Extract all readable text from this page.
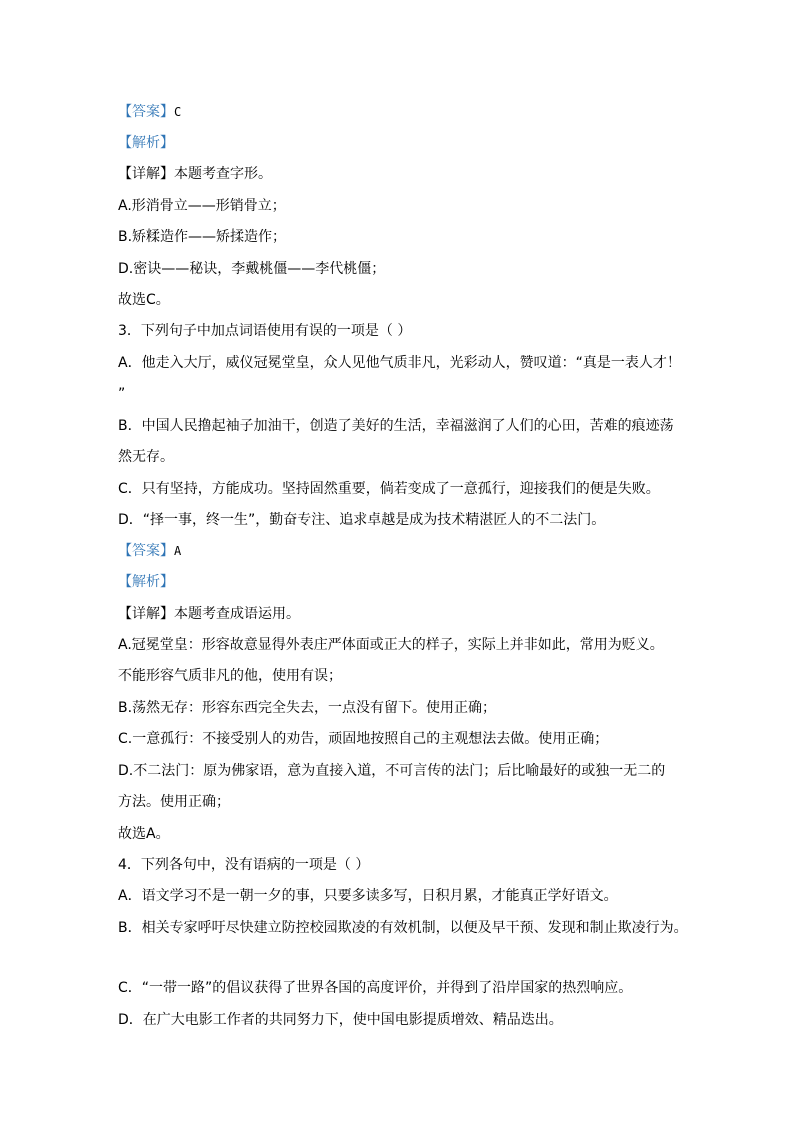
【答案】C
【解析】
【详解】本题考查字形。
A.形消骨立——形销骨立；
B.矫糅造作——矫揉造作；
D.密诀——秘诀，李戴桃僵——李代桃僵；
故选C。
3．下列句子中加点词语使用有误的一项是（ ）
A．他走入大厅，威仪冠冕堂皇，众人见他气质非凡，光彩动人，赞叹道：“真是一表人才！
”
B．中国人民撸起袖子加油干，创造了美好的生活，幸福滋润了人们的心田，苦难的痕迹荡
然无存。
C．只有坚持，方能成功。坚持固然重要，倘若变成了一意孤行，迎接我们的便是失败。
D．“择一事，终一生”，勤奋专注、追求卓越是成为技术精湛匠人的不二法门。
【答案】A
【解析】
【详解】本题考查成语运用。
A.冠冕堂皇：形容故意显得外表庄严体面或正大的样子，实际上并非如此，常用为贬义。
不能形容气质非凡的他，使用有误；
B.荡然无存：形容东西完全失去，一点没有留下。使用正确；
C.一意孤行：不接受别人的劝告，顽固地按照自己的主观想法去做。使用正确；
D.不二法门：原为佛家语，意为直接入道，不可言传的法门；后比喻最好的或独一无二的
方法。使用正确；
故选A。
4．下列各句中，没有语病的一项是（ ）
A．语文学习不是一朝一夕的事，只要多读多写，日积月累，才能真正学好语文。
B．相关专家呼吁尽快建立防控校园欺凌的有效机制，以便及早干预、发现和制止欺凌行为。
C．“一带一路”的倡议获得了世界各国的高度评价，并得到了沿岸国家的热烈响应。
D．在广大电影工作者的共同努力下，使中国电影提质增效、精品迭出。
